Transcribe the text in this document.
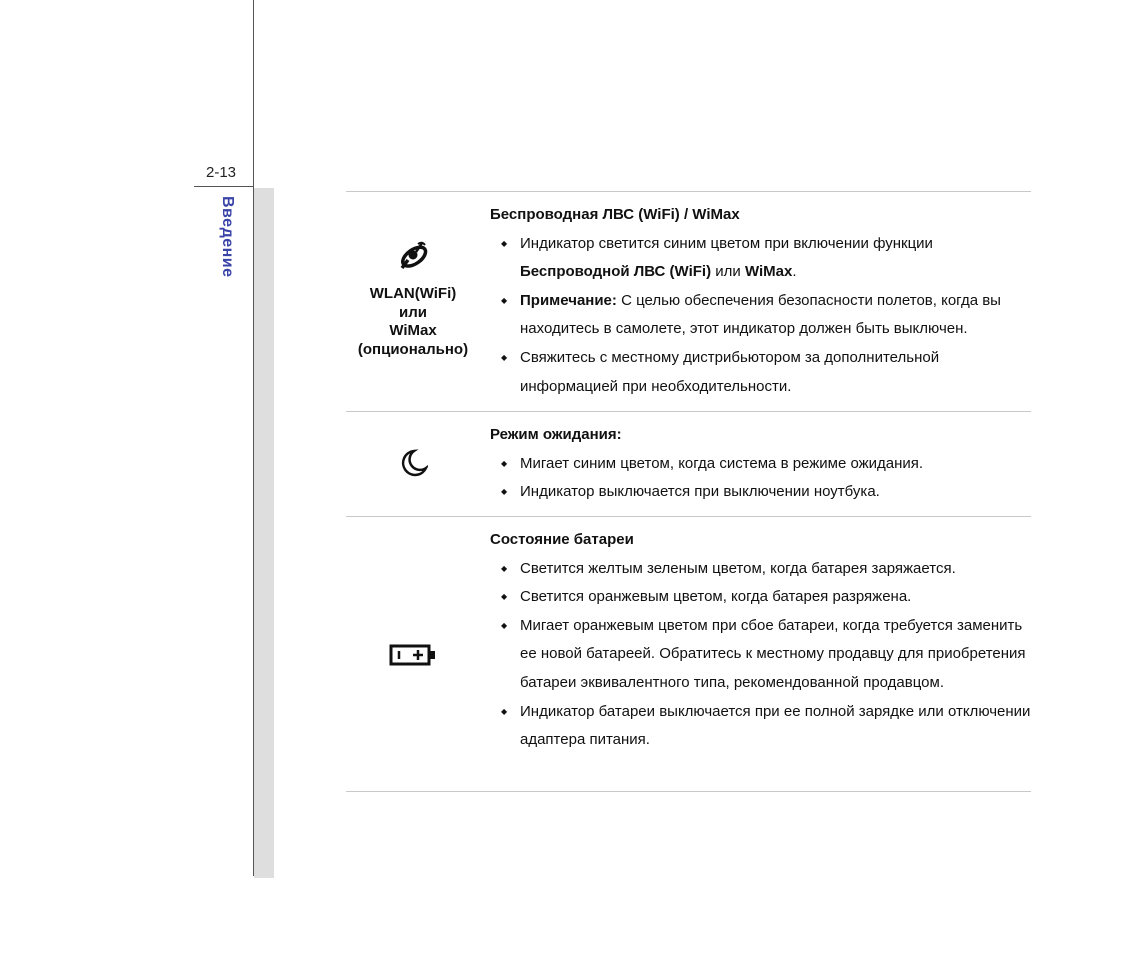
2-13
Введение
WLAN(WiFi)
или
WiMax
(опционально)

Беспроводная ЛВС (WiFi) / WiMax

◆ Индикатор светится синим цветом при включении функции
Беспроводной ЛВС (WiFi) или WiMax.
◆ Примечание: С целью обеспечения безопасности полетов, когда вы находитесь в самолете, этот индикатор должен быть выключен.
◆ Свяжитесь с местному дистрибьютором за дополнительной информацией при необходительности.

Режим ожидания:

◆ Мигает синим цветом, когда система в режиме ожидания.
◆ Индикатор выключается при выключении ноутбука.

Состояние батареи

◆ Светится желтым зеленым цветом, когда батарея заряжается.
◆ Светится оранжевым цветом, когда батарея разряжена.
◆ Мигает оранжевым цветом при сбое батареи, когда требуется заменить ее новой батареей. Обратитесь к местному продавцу для приобретения батареи эквивалентного типа, рекомендованной продавцом.
◆ Индикатор батареи выключается при ее полной зарядке или отключении адаптера питания.
